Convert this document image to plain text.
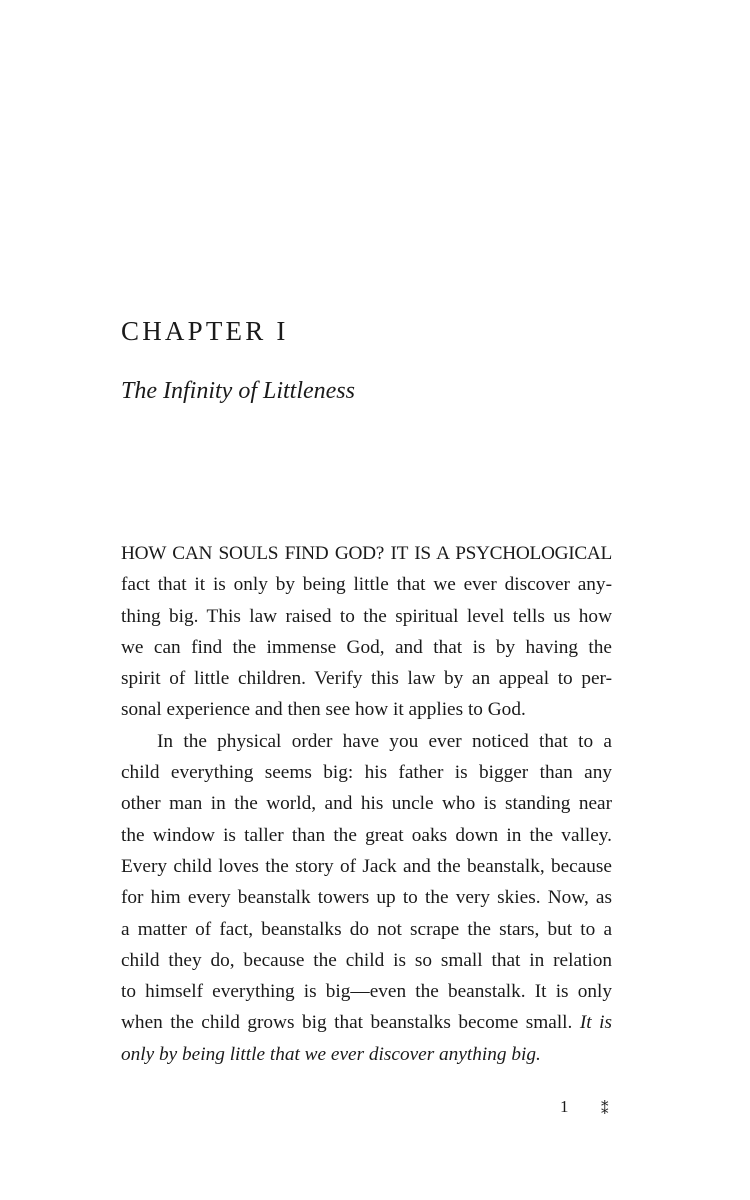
CHAPTER I
The Infinity of Littleness
HOW CAN SOULS FIND GOD? IT IS A PSYCHOLOGICAL
fact that it is only by being little that we ever discover any-
thing big. This law raised to the spiritual level tells us how
we can find the immense God, and that is by having the
spirit of little children. Verify this law by an appeal to per-
sonal experience and then see how it applies to God.
In the physical order have you ever noticed that to a
child everything seems big: his father is bigger than any
other man in the world, and his uncle who is standing near
the window is taller than the great oaks down in the valley.
Every child loves the story of Jack and the beanstalk, because
for him every beanstalk towers up to the very skies. Now, as
a matter of fact, beanstalks do not scrape the stars, but to a
child they do, because the child is so small that in relation
to himself everything is big—even the beanstalk. It is only
when the child grows big that beanstalks become small. It is
only by being little that we ever discover anything big.
1 ⁑
